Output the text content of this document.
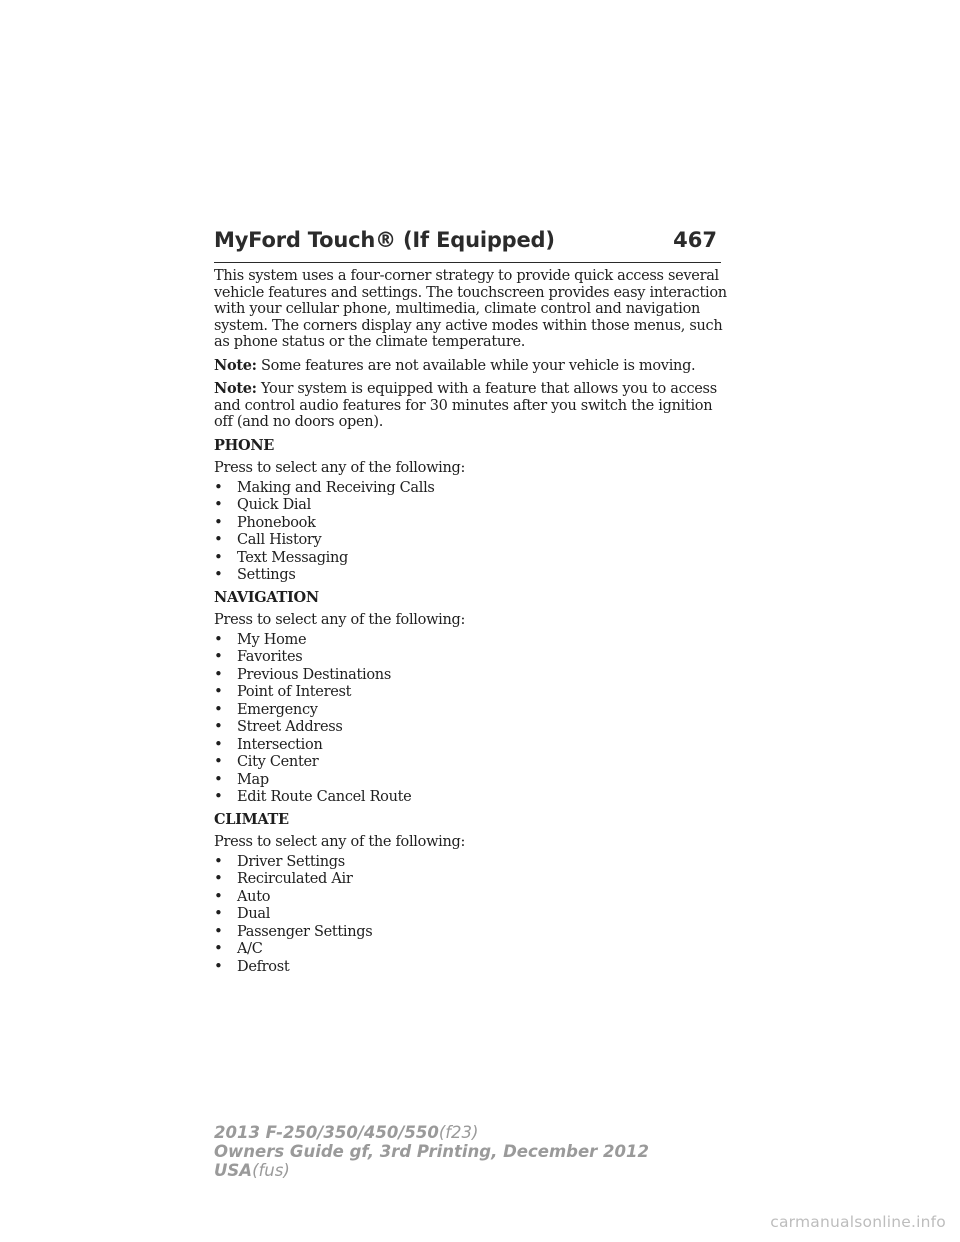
MyFord Touch® (If Equipped)	467

This system uses a four-corner strategy to provide quick access several vehicle features and settings. The touchscreen provides easy interaction with your cellular phone, multimedia, climate control and navigation system. The corners display any active modes within those menus, such as phone status or the climate temperature.

Note: Some features are not available while your vehicle is moving.

Note: Your system is equipped with a feature that allows you to access and control audio features for 30 minutes after you switch the ignition off (and no doors open).

PHONE

Press to select any of the following:

• Making and Receiving Calls
• Quick Dial
• Phonebook
• Call History
• Text Messaging
• Settings

NAVIGATION

Press to select any of the following:

• My Home
• Favorites
• Previous Destinations
• Point of Interest
• Emergency
• Street Address
• Intersection
• City Center
• Map
• Edit Route Cancel Route

CLIMATE

Press to select any of the following:

• Driver Settings
• Recirculated Air
• Auto
• Dual
• Passenger Settings
• A/C
• Defrost
2013 F-250/350/450/550(f23)
Owners Guide gf, 3rd Printing, December 2012
USA(fus)
carmanualsonline.info
